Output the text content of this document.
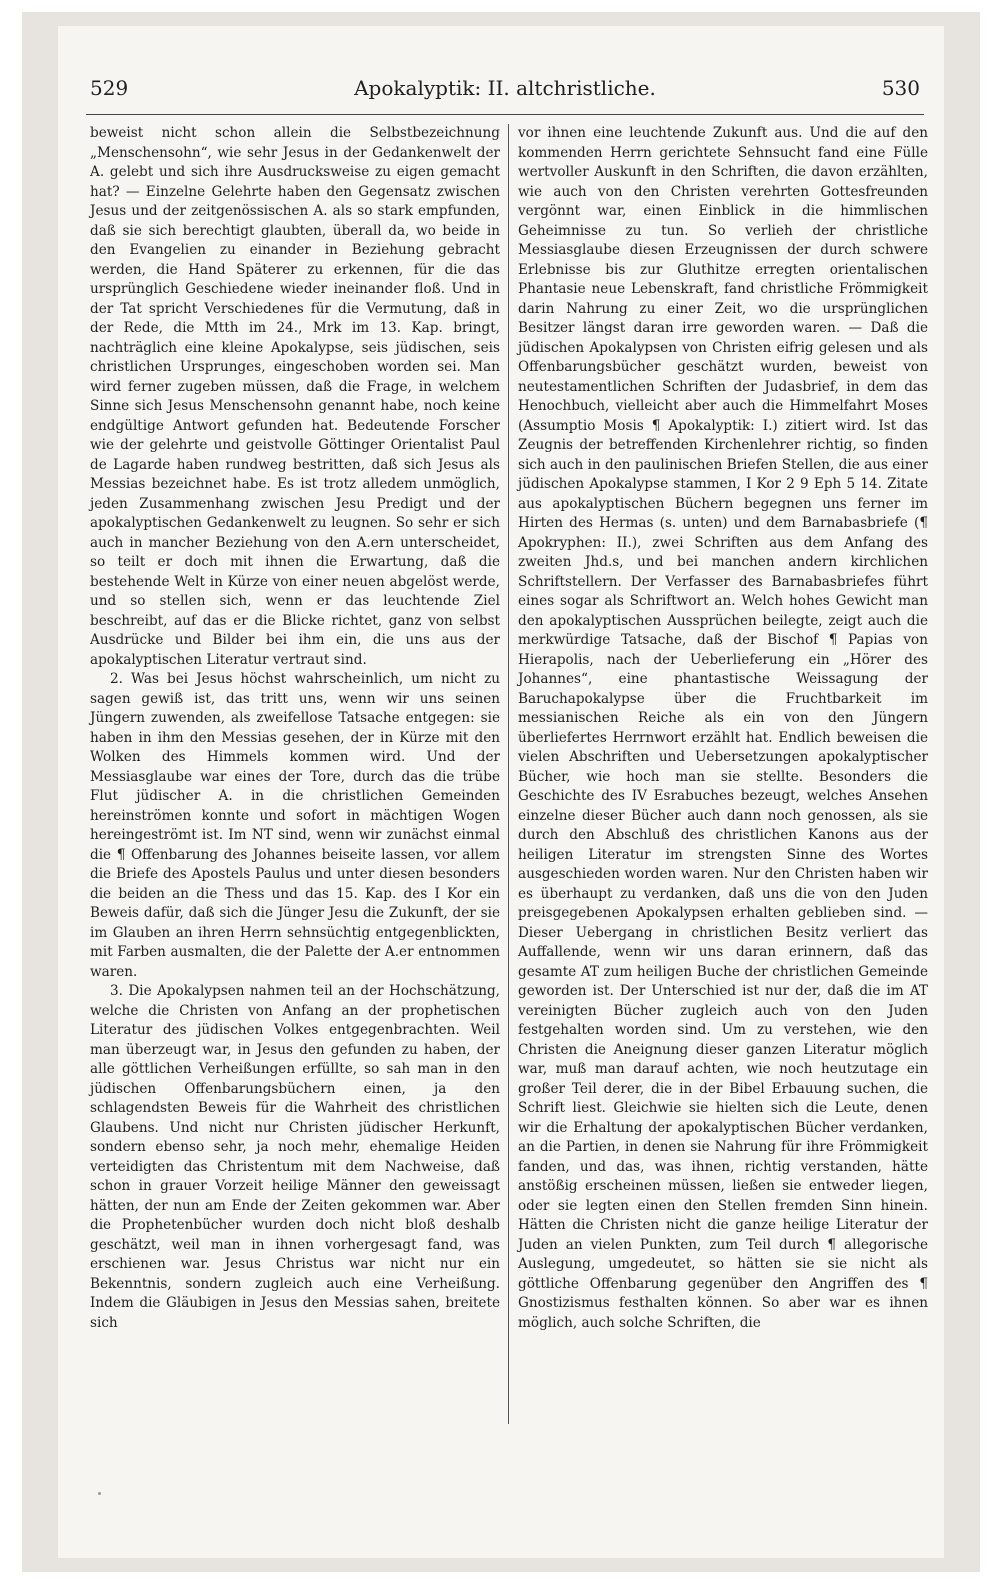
529	Apokalyptik: II. altchristliche.	530

beweist nicht schon allein die Selbstbezeichnung „Menschensohn“, wie sehr Jesus in der Gedankenwelt der A. gelebt und sich ihre Ausdrucksweise zu eigen gemacht hat? — Einzelne Gelehrte haben den Gegensatz zwischen Jesus und der zeitgenössischen A. als so stark empfunden, daß sie sich berechtigt glaubten, überall da, wo beide in den Evangelien zu einander in Beziehung gebracht werden, die Hand Späterer zu erkennen, für die das ursprünglich Geschiedene wieder ineinander floß. Und in der Tat spricht Verschiedenes für die Vermutung, daß in der Rede, die Mtth im 24., Mrk im 13. Kap. bringt, nachträglich eine kleine Apokalypse, seis jüdischen, seis christlichen Ursprunges, eingeschoben worden sei. Man wird ferner zugeben müssen, daß die Frage, in welchem Sinne sich Jesus Menschensohn genannt habe, noch keine endgültige Antwort gefunden hat. Bedeutende Forscher wie der gelehrte und geistvolle Göttinger Orientalist Paul de Lagarde haben rundweg bestritten, daß sich Jesus als Messias bezeichnet habe. Es ist trotz alledem unmöglich, jeden Zusammenhang zwischen Jesu Predigt und der apokalyptischen Gedankenwelt zu leugnen. So sehr er sich auch in mancher Beziehung von den A.ern unterscheidet, so teilt er doch mit ihnen die Erwartung, daß die bestehende Welt in Kürze von einer neuen abgelöst werde, und so stellen sich, wenn er das leuchtende Ziel beschreibt, auf das er die Blicke richtet, ganz von selbst Ausdrücke und Bilder bei ihm ein, die uns aus der apokalyptischen Literatur vertraut sind.

2. Was bei Jesus höchst wahrscheinlich, um nicht zu sagen gewiß ist, das tritt uns, wenn wir uns seinen Jüngern zuwenden, als zweifellose Tatsache entgegen: sie haben in ihm den Messias gesehen, der in Kürze mit den Wolken des Himmels kommen wird. Und der Messiasglaube war eines der Tore, durch das die trübe Flut jüdischer A. in die christlichen Gemeinden hereinströmen konnte und sofort in mächtigen Wogen hereingeströmt ist. Im NT sind, wenn wir zunächst einmal die ¶ Offenbarung des Johannes beiseite lassen, vor allem die Briefe des Apostels Paulus und unter diesen besonders die beiden an die Thess und das 15. Kap. des I Kor ein Beweis dafür, daß sich die Jünger Jesu die Zukunft, der sie im Glauben an ihren Herrn sehnsüchtig entgegenblickten, mit Farben ausmalten, die der Palette der A.er entnommen waren.

3. Die Apokalypsen nahmen teil an der Hochschätzung, welche die Christen von Anfang an der prophetischen Literatur des jüdischen Volkes entgegenbrachten. Weil man überzeugt war, in Jesus den gefunden zu haben, der alle göttlichen Verheißungen erfüllte, so sah man in den jüdischen Offenbarungsbüchern einen, ja den schlagendsten Beweis für die Wahrheit des christlichen Glaubens. Und nicht nur Christen jüdischer Herkunft, sondern ebenso sehr, ja noch mehr, ehemalige Heiden verteidigten das Christentum mit dem Nachweise, daß schon in grauer Vorzeit heilige Männer den geweissagt hätten, der nun am Ende der Zeiten gekommen war. Aber die Prophetenbücher wurden doch nicht bloß deshalb geschätzt, weil man in ihnen vorhergesagt fand, was erschienen war. Jesus Christus war nicht nur ein Bekenntnis, sondern zugleich auch eine Verheißung. Indem die Gläubigen in Jesus den Messias sahen, breitete sich

vor ihnen eine leuchtende Zukunft aus. Und die auf den kommenden Herrn gerichtete Sehnsucht fand eine Fülle wertvoller Auskunft in den Schriften, die davon erzählten, wie auch von den Christen verehrten Gottesfreunden vergönnt war, einen Einblick in die himmlischen Geheimnisse zu tun. So verlieh der christliche Messiasglaube diesen Erzeugnissen der durch schwere Erlebnisse bis zur Gluthitze erregten orientalischen Phantasie neue Lebenskraft, fand christliche Frömmigkeit darin Nahrung zu einer Zeit, wo die ursprünglichen Besitzer längst daran irre geworden waren. — Daß die jüdischen Apokalypsen von Christen eifrig gelesen und als Offenbarungsbücher geschätzt wurden, beweist von neutestamentlichen Schriften der Judasbrief, in dem das Henochbuch, vielleicht aber auch die Himmelfahrt Moses (Assumptio Mosis ¶ Apokalyptik: I.) zitiert wird. Ist das Zeugnis der betreffenden Kirchenlehrer richtig, so finden sich auch in den paulinischen Briefen Stellen, die aus einer jüdischen Apokalypse stammen, I Kor 2 9 Eph 5 14. Zitate aus apokalyptischen Büchern begegnen uns ferner im Hirten des Hermas (s. unten) und dem Barnabasbriefe (¶ Apokryphen: II.), zwei Schriften aus dem Anfang des zweiten Jhd.s, und bei manchen andern kirchlichen Schriftstellern. Der Verfasser des Barnabasbriefes führt eines sogar als Schriftwort an. Welch hohes Gewicht man den apokalyptischen Aussprüchen beilegte, zeigt auch die merkwürdige Tatsache, daß der Bischof ¶ Papias von Hierapolis, nach der Ueberlieferung ein „Hörer des Johannes“, eine phantastische Weissagung der Baruchapokalypse über die Fruchtbarkeit im messianischen Reiche als ein von den Jüngern überliefertes Herrnwort erzählt hat. Endlich beweisen die vielen Abschriften und Uebersetzungen apokalyptischer Bücher, wie hoch man sie stellte. Besonders die Geschichte des IV Esrabuches bezeugt, welches Ansehen einzelne dieser Bücher auch dann noch genossen, als sie durch den Abschluß des christlichen Kanons aus der heiligen Literatur im strengsten Sinne des Wortes ausgeschieden worden waren. Nur den Christen haben wir es überhaupt zu verdanken, daß uns die von den Juden preisgegebenen Apokalypsen erhalten geblieben sind. — Dieser Uebergang in christlichen Besitz verliert das Auffallende, wenn wir uns daran erinnern, daß das gesamte AT zum heiligen Buche der christlichen Gemeinde geworden ist. Der Unterschied ist nur der, daß die im AT vereinigten Bücher zugleich auch von den Juden festgehalten worden sind. Um zu verstehen, wie den Christen die Aneignung dieser ganzen Literatur möglich war, muß man darauf achten, wie noch heutzutage ein großer Teil derer, die in der Bibel Erbauung suchen, die Schrift liest. Gleichwie sie hielten sich die Leute, denen wir die Erhaltung der apokalyptischen Bücher verdanken, an die Partien, in denen sie Nahrung für ihre Frömmigkeit fanden, und das, was ihnen, richtig verstanden, hätte anstößig erscheinen müssen, ließen sie entweder liegen, oder sie legten einen den Stellen fremden Sinn hinein. Hätten die Christen nicht die ganze heilige Literatur der Juden an vielen Punkten, zum Teil durch ¶ allegorische Auslegung, umgedeutet, so hätten sie sie nicht als göttliche Offenbarung gegenüber den Angriffen des ¶ Gnostizismus festhalten können. So aber war es ihnen möglich, auch solche Schriften, die
